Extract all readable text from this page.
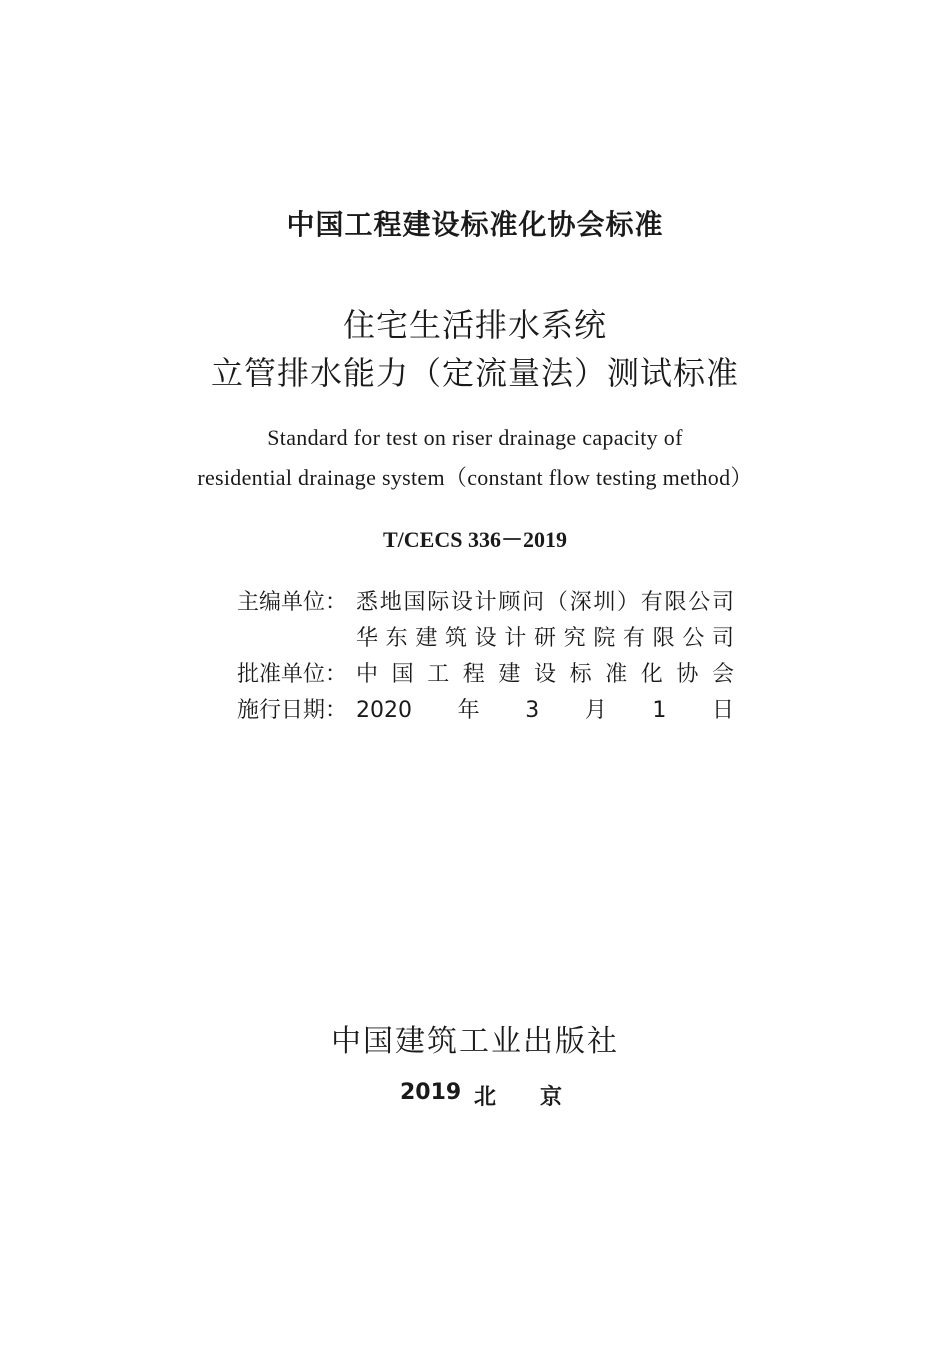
中国工程建设标准化协会标准
住宅生活排水系统
立管排水能力（定流量法）测试标准
Standard for test on riser drainage capacity of
residential drainage system（constant flow testing method）
T/CECS 336－2019
主编单位： 悉地国际设计顾问（深圳）有限公司
华东建筑设计研究院有限公司
批准单位： 中国工程建设标准化协会
施行日期： 2020年3月1日
中国建筑工业出版社
2019 北京
